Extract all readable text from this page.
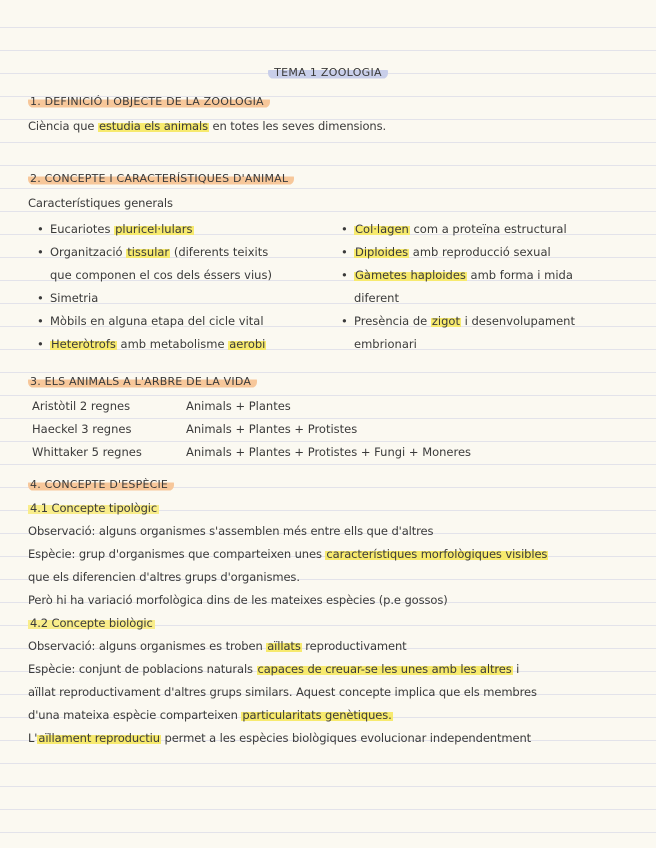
TEMA 1 ZOOLOGIA
1. DEFINICIÓ I OBJECTE DE LA ZOOLOGIA
Ciència que estudia els animals en totes les seves dimensions.
2. CONCEPTE I CARACTERÍSTIQUES D'ANIMAL
Característiques generals
• Eucariotes pluricel·lulars
• Organització tissular (diferents teixits
que componen el cos dels éssers vius)
• Simetria
• Mòbils en alguna etapa del cicle vital
• Heteròtrofs amb metabolisme aerobi
• Col·lagen com a proteïna estructural
• Diploides amb reproducció sexual
• Gàmetes haploides amb forma i mida
diferent
• Presència de zigot i desenvolupament
embrionari
3. ELS ANIMALS A L'ARBRE DE LA VIDA
Aristòtil 2 regnes	Animals + Plantes
Haeckel 3 regnes	Animals + Plantes + Protistes
Whittaker 5 regnes	Animals + Plantes + Protistes + Fungi + Moneres
4. CONCEPTE D'ESPÈCIE
4.1 Concepte tipològic
Observació: alguns organismes s'assemblen més entre ells que d'altres
Espècie: grup d'organismes que comparteixen unes característiques morfològiques visibles
que els diferencien d'altres grups d'organismes.
Però hi ha variació morfològica dins de les mateixes espècies (p.e gossos)
4.2 Concepte biològic
Observació: alguns organismes es troben aïllats reproductivament
Espècie: conjunt de poblacions naturals capaces de creuar-se les unes amb les altres i
aïllat reproductivament d'altres grups similars. Aquest concepte implica que els membres
d'una mateixa espècie comparteixen particularitats genètiques.
L'aïllament reproductiu permet a les espècies biològiques evolucionar independentment
